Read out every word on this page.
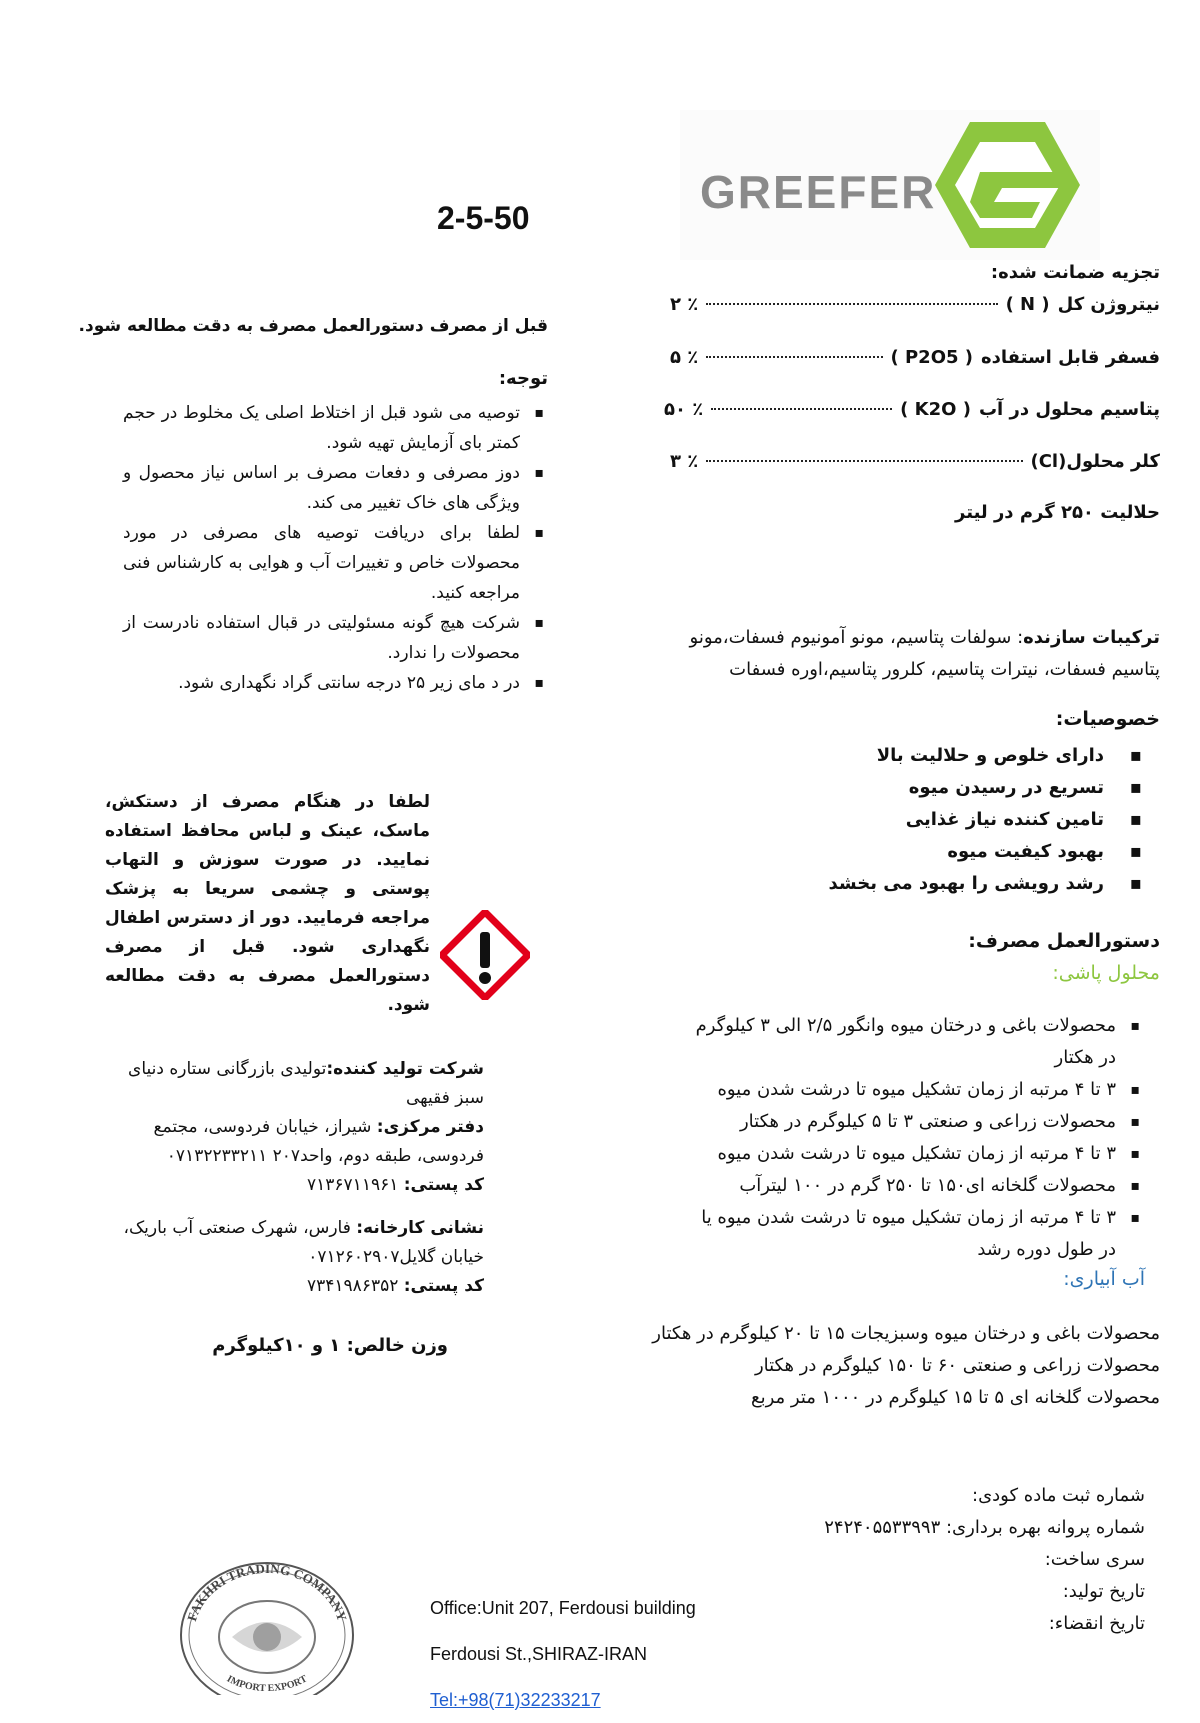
GREEFER
2-5-50
تجزیه ضمانت شده:
نیتروژن کل
( N )
٪ ۲
فسفر قابل استفاده
( P2O5 )
٪ ۵
پتاسیم محلول در آب
( K2O )
٪ ۵۰
کلر محلول
(Cl)
٪ ۳
حلالیت ۲۵۰ گرم در لیتر
ترکیبات سازنده: سولفات پتاسیم، مونو آمونیوم فسفات،مونو پتاسیم فسفات، نیترات پتاسیم، کلرور پتاسیم،اوره فسفات
خصوصیات:
▪
دارای خلوص و حلالیت بالا
▪
تسریع در رسیدن میوه
▪
تامین کننده نیاز غذایی
▪
بهبود کیفیت میوه
▪
رشد رویشی را بهبود می بخشد
دستورالعمل مصرف:
محلول پاشی:
▪ محصولات باغی و درختان میوه وانگور ۲/۵ الی ۳ کیلوگرم در هکتار
▪ ۳ تا ۴ مرتبه از زمان تشکیل میوه تا درشت شدن میوه
▪ محصولات زراعی و صنعتی ۳ تا ۵ کیلوگرم در هکتار
▪ ۳ تا ۴ مرتبه از زمان تشکیل میوه تا درشت شدن میوه
▪ محصولات گلخانه ای۱۵۰ تا ۲۵۰ گرم در ۱۰۰ لیترآب
▪ ۳ تا ۴ مرتبه از زمان تشکیل میوه تا درشت شدن میوه یا در طول دوره رشد
آب آبیاری:
محصولات باغی و درختان میوه وسبزیجات ۱۵ تا ۲۰ کیلوگرم در هکتار
محصولات زراعی و صنعتی ۶۰ تا ۱۵۰ کیلوگرم در هکتار
محصولات گلخانه ای ۵ تا ۱۵ کیلوگرم در ۱۰۰۰ متر مربع
شماره ثبت ماده کودی:
شماره پروانه بهره برداری: ۲۴۲۴۰۵۵۳۳۹۹۳
سری ساخت:
تاریخ تولید:
تاریخ انقضاء:
قبل از مصرف دستورالعمل مصرف به دقت مطالعه شود.
توجه:
▪ توصیه می شود قبل از اختلاط اصلی یک مخلوط در حجم کمتر بای آزمایش تهیه شود.
▪ دوز مصرفی و دفعات مصرف بر اساس نیاز محصول و ویژگی های خاک تغییر می کند.
▪ لطفا برای دریافت توصیه های مصرفی در مورد محصولات خاص و تغییرات آب و هوایی به کارشناس فنی مراجعه کنید.
▪ شرکت هیچ گونه مسئولیتی در قبال استفاده نادرست از محصولات را ندارد.
▪ در د مای زیر ۲۵ درجه سانتی گراد نگهداری شود.
لطفا در هنگام مصرف از دستکش، ماسک، عینک و لباس محافظ استفاده نمایید. در صورت سوزش و التهاب پوستی و چشمی سریعا به پزشک مراجعه فرمایید. دور از دسترس اطفال نگهداری شود. قبل از مصرف دستورالعمل مصرف به دقت مطالعه شود.
شرکت تولید کننده:تولیدی بازرگانی ستاره دنیای سبز فقیهی
دفتر مرکزی: شیراز، خیابان فردوسی، مجتمع فردوسی، طبقه دوم، واحد۲۰۷ ۰۷۱۳۲۲۳۳۲۱۱
کد پستی: ۷۱۳۶۷۱۱۹۶۱
نشانی کارخانه: فارس، شهرک صنعتی آب باریک، خیابان گلایل۰۷۱۲۶۰۲۹۰۷
کد پستی: ۷۳۴۱۹۸۶۳۵۲
وزن خالص: ۱ و ۱۰کیلوگرم
FAKHRI TRADING COMPANY
IMPORT EXPORT
Office:Unit 207, Ferdousi building
Ferdousi St.,SHIRAZ-IRAN
Tel:+98(71)32233217
